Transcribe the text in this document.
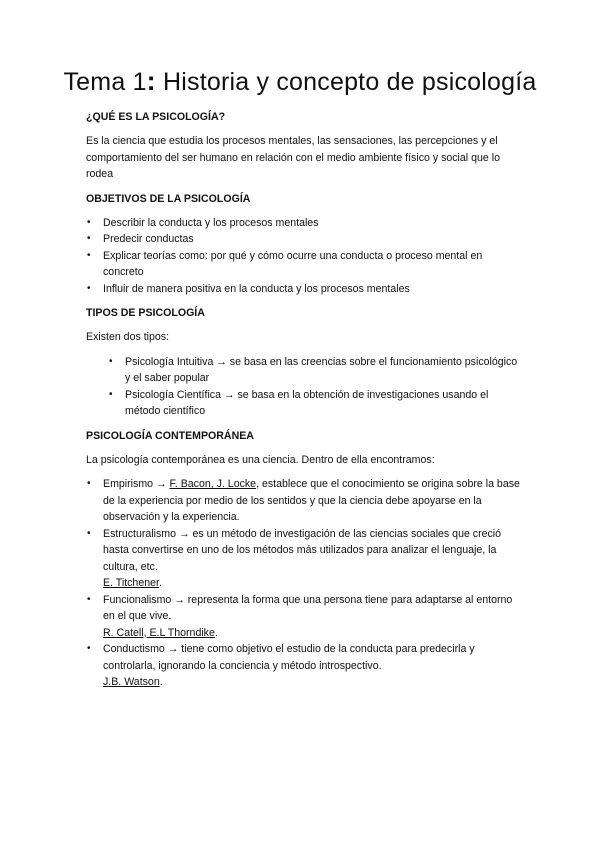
Tema 1: Historia y concepto de psicología
¿QUÉ ES LA PSICOLOGÍA?

Es la ciencia que estudia los procesos mentales, las sensaciones, las percepciones y el comportamiento del ser humano en relación con el medio ambiente físico y social que lo rodea

OBJETIVOS DE LA PSICOLOGÍA
• Describir la conducta y los procesos mentales
• Predecir conductas
• Explicar teorías como: por qué y cómo ocurre una conducta o proceso mental en concreto
• Influir de manera positiva en la conducta y los procesos mentales
TIPOS DE PSICOLOGÍA

Existen dos tipos:

• Psicología Intuitiva → se basa en las creencias sobre el funcionamiento psicológico y el saber popular
• Psicología Científica → se basa en la obtención de investigaciones usando el método científico
PSICOLOGÍA CONTEMPORÁNEA

La psicología contemporánea es una ciencia. Dentro de ella encontramos:

• Empirismo → F. Bacon, J. Locke, establece que el conocimiento se origina sobre la base de la experiencia por medio de los sentidos y que la ciencia debe apoyarse en la observación y la experiencia.
• Estructuralismo → es un método de investigación de las ciencias sociales que creció hasta convertirse en uno de los métodos más utilizados para analizar el lenguaje, la cultura, etc.
E. Titchener.
• Funcionalismo → representa la forma que una persona tiene para adaptarse al entorno en el que vive.
R. Catell, E.L Thorndike.
• Conductismo → tiene como objetivo el estudio de la conducta para predecirla y controlarla, ignorando la conciencia y método introspectivo.
J.B. Watson.
